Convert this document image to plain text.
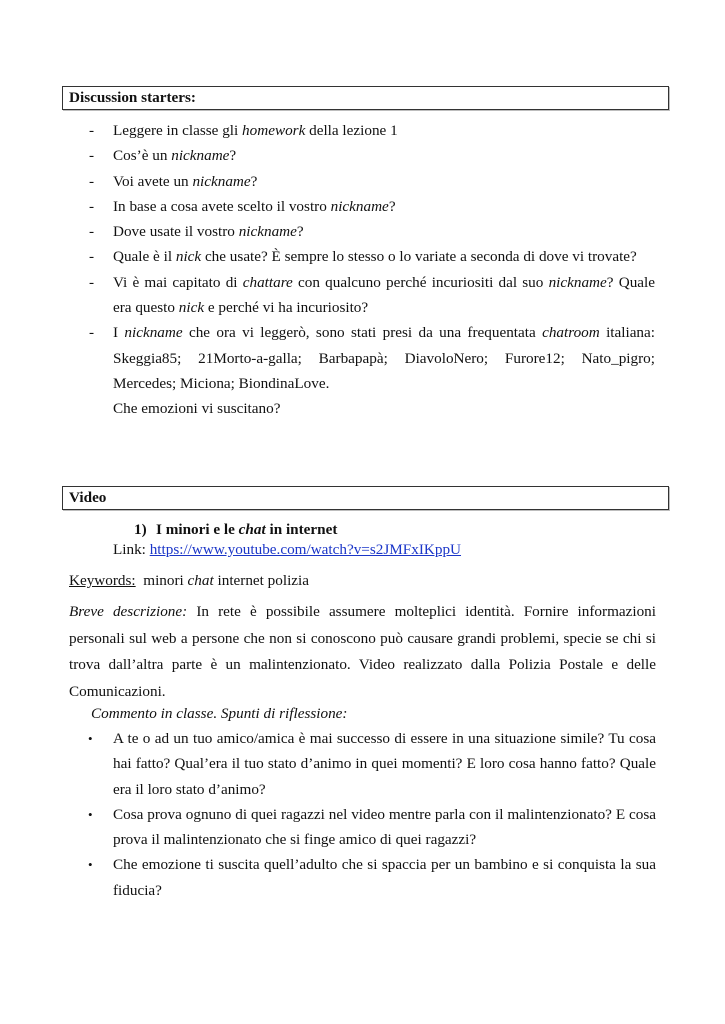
Discussion starters:
- Leggere in classe gli homework della lezione 1
- Cos’è un nickname?
- Voi avete un nickname?
- In base a cosa avete scelto il vostro nickname?
- Dove usate il vostro nickname?
- Quale è il nick che usate? È sempre lo stesso o lo variate a seconda di dove vi trovate?
- Vi è mai capitato di chattare con qualcuno perché incuriositi dal suo nickname? Quale era questo nick e perché vi ha incuriosito?
- I nickname che ora vi leggerò, sono stati presi da una frequentata chatroom italiana: Skeggia85; 21Morto-a-galla; Barbapapà; DiavoloNero; Furore12; Nato_pigro; Mercedes; Miciona; BiondinaLove.
Che emozioni vi suscitano?
Video
1) I minori e le chat in internet
Link: https://www.youtube.com/watch?v=s2JMFxIKppU
Keywords:  minori chat internet polizia
Breve descrizione: In rete è possibile assumere molteplici identità. Fornire informazioni personali sul web a persone che non si conoscono può causare grandi problemi, specie se chi si trova dall’altra parte è un malintenzionato. Video realizzato dalla Polizia Postale e delle Comunicazioni.
Commento in classe. Spunti di riflessione:
• A te o ad un tuo amico/amica è mai successo di essere in una situazione simile? Tu cosa hai fatto? Qual’era il tuo stato d’animo in quei momenti? E loro cosa hanno fatto? Quale era il loro stato d’animo?
• Cosa prova ognuno di quei ragazzi nel video mentre parla con il malintenzionato? E cosa prova il malintenzionato che si finge amico di quei ragazzi?
• Che emozione ti suscita quell’adulto che si spaccia per un bambino e si conquista la sua fiducia?
